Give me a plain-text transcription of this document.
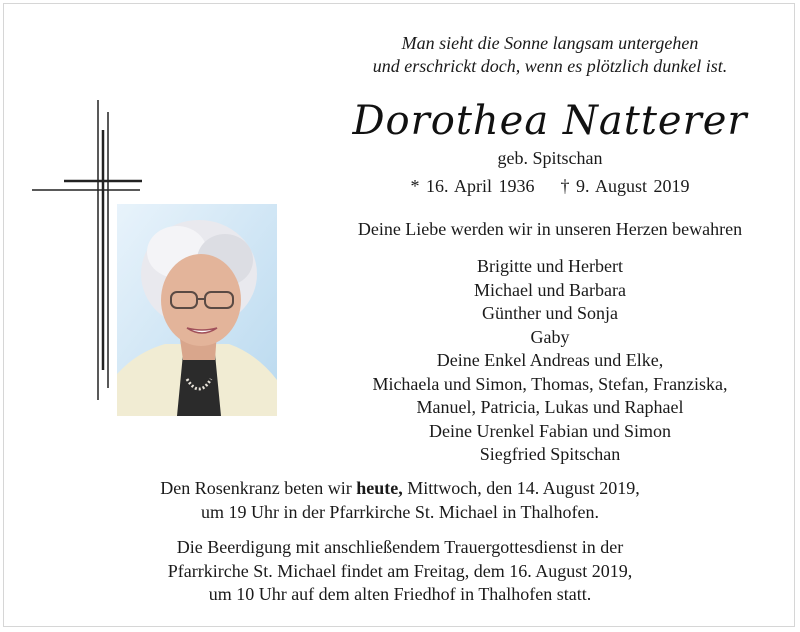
Man sieht die Sonne langsam untergehen
und erschrickt doch, wenn es plötzlich dunkel ist.
Dorothea Natterer
geb. Spitschan
* 16. April 1936 † 9. August 2019
Deine Liebe werden wir in unseren Herzen bewahren
Brigitte und Herbert
Michael und Barbara
Günther und Sonja
Gaby
Deine Enkel Andreas und Elke,
Michaela und Simon, Thomas, Stefan, Franziska,
Manuel, Patricia, Lukas und Raphael
Deine Urenkel Fabian und Simon
Siegfried Spitschan
Den Rosenkranz beten wir heute, Mittwoch, den 14. August 2019,
um 19 Uhr in der Pfarrkirche St. Michael in Thalhofen.
Die Beerdigung mit anschließendem Trauergottesdienst in der
Pfarrkirche St. Michael findet am Freitag, dem 16. August 2019,
um 10 Uhr auf dem alten Friedhof in Thalhofen statt.
